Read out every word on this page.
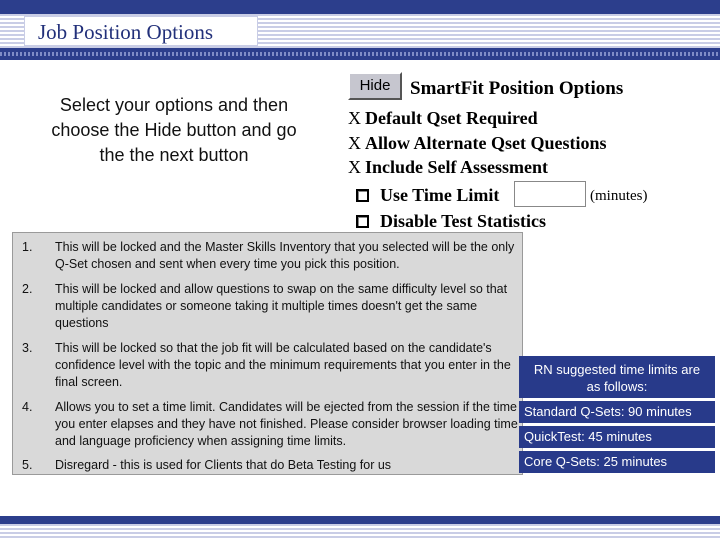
Job Position Options
Select your options and then
choose the Hide button and go
the the next button
Hide	SmartFit Position Options
X Default Qset Required
X Allow Alternate Qset Questions
X Include Self Assessment
Use Time Limit	(minutes)
Disable Test Statistics
1. This will be locked and the Master Skills Inventory that you selected will be the only Q-Set chosen and sent when every time you pick this position.
2. This will be locked and allow questions to swap on the same difficulty level so that multiple candidates or someone taking it multiple times doesn't get the same questions
3. This will be locked so that the job fit will be calculated based on the candidate's confidence level with the topic and the minimum requirements that you enter in the final screen.
4. Allows you to set a time limit. Candidates will be ejected from the session if the time you enter elapses and they have not finished. Please consider browser loading time and language proficiency when assigning time limits.
5. Disregard - this is used for Clients that do Beta Testing for us
RN suggested time limits are
as follows:
Standard Q-Sets: 90 minutes
QuickTest: 45 minutes
Core Q-Sets: 25 minutes
